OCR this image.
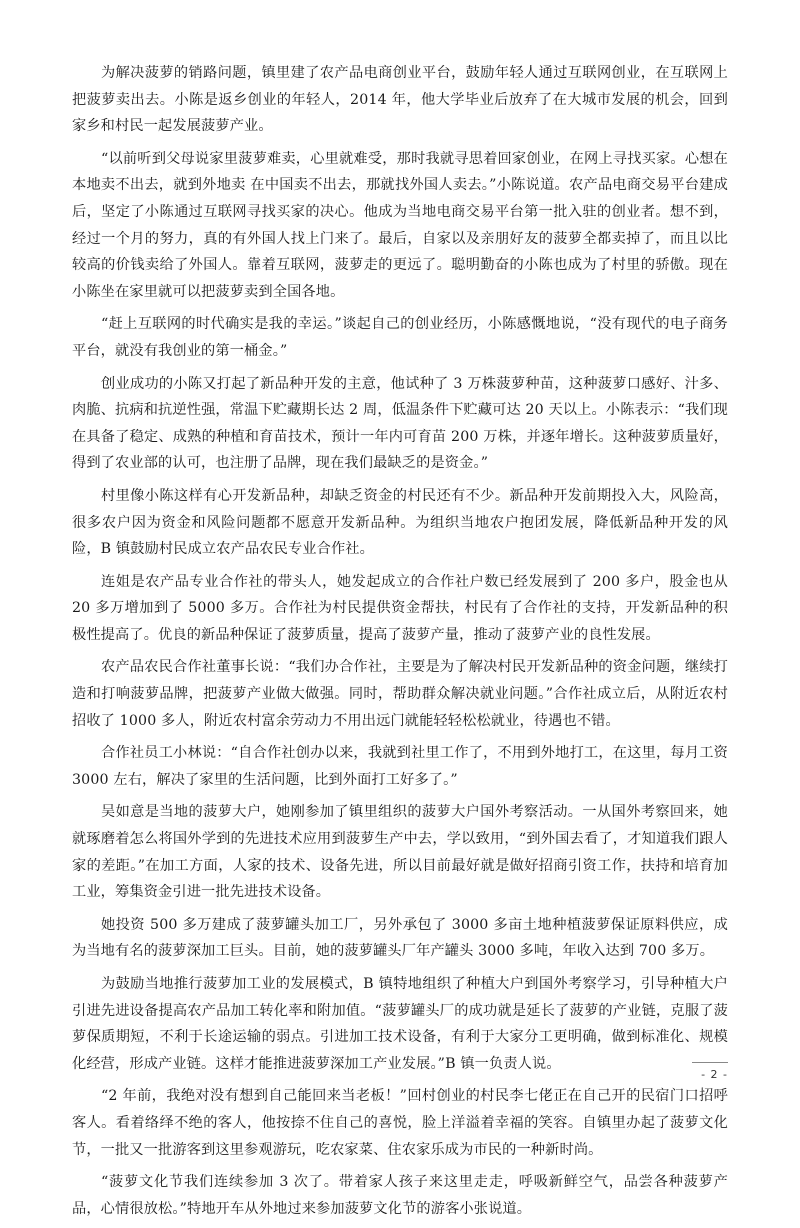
为解决菠萝的销路问题，镇里建了农产品电商创业平台，鼓励年轻人通过互联网创业，在互联网上把菠萝卖出去。小陈是返乡创业的年轻人，2014 年，他大学毕业后放弃了在大城市发展的机会，回到家乡和村民一起发展菠萝产业。

“以前听到父母说家里菠萝难卖，心里就难受，那时我就寻思着回家创业，在网上寻找买家。心想在本地卖不出去，就到外地卖 在中国卖不出去，那就找外国人卖去。”小陈说道。农产品电商交易平台建成后，坚定了小陈通过互联网寻找买家的决心。他成为当地电商交易平台第一批入驻的创业者。想不到，经过一个月的努力，真的有外国人找上门来了。最后，自家以及亲朋好友的菠萝全都卖掉了，而且以比较高的价钱卖给了外国人。靠着互联网，菠萝走的更远了。聪明勤奋的小陈也成为了村里的骄傲。现在小陈坐在家里就可以把菠萝卖到全国各地。

“赶上互联网的时代确实是我的幸运。”谈起自己的创业经历，小陈感慨地说，“没有现代的电子商务平台，就没有我创业的第一桶金。”

创业成功的小陈又打起了新品种开发的主意，他试种了 3 万株菠萝种苗，这种菠萝口感好、汁多、肉脆、抗病和抗逆性强，常温下贮藏期长达 2 周，低温条件下贮藏可达 20 天以上。小陈表示：“我们现在具备了稳定、成熟的种植和育苗技术，预计一年内可育苗 200 万株，并逐年增长。这种菠萝质量好，得到了农业部的认可，也注册了品牌，现在我们最缺乏的是资金。”

村里像小陈这样有心开发新品种，却缺乏资金的村民还有不少。新品种开发前期投入大，风险高，很多农户因为资金和风险问题都不愿意开发新品种。为组织当地农户抱团发展，降低新品种开发的风险，B 镇鼓励村民成立农产品农民专业合作社。

连姐是农产品专业合作社的带头人，她发起成立的合作社户数已经发展到了 200 多户，股金也从 20 多万增加到了 5000 多万。合作社为村民提供资金帮扶，村民有了合作社的支持，开发新品种的积极性提高了。优良的新品种保证了菠萝质量，提高了菠萝产量，推动了菠萝产业的良性发展。

农产品农民合作社董事长说：“我们办合作社，主要是为了解决村民开发新品种的资金问题，继续打造和打响菠萝品牌，把菠萝产业做大做强。同时，帮助群众解决就业问题。”合作社成立后，从附近农村招收了 1000 多人，附近农村富余劳动力不用出远门就能轻轻松松就业，待遇也不错。

合作社员工小林说：“自合作社创办以来，我就到社里工作了，不用到外地打工，在这里，每月工资 3000 左右，解决了家里的生活问题，比到外面打工好多了。”

吴如意是当地的菠萝大户，她刚参加了镇里组织的菠萝大户国外考察活动。一从国外考察回来，她就琢磨着怎么将国外学到的先进技术应用到菠萝生产中去，学以致用，“到外国去看了，才知道我们跟人家的差距。”在加工方面，人家的技术、设备先进，所以目前最好就是做好招商引资工作，扶持和培育加工业，筹集资金引进一批先进技术设备。

她投资 500 多万建成了菠萝罐头加工厂，另外承包了 3000 多亩土地种植菠萝保证原料供应，成为当地有名的菠萝深加工巨头。目前，她的菠萝罐头厂年产罐头 3000 多吨，年收入达到 700 多万。

为鼓励当地推行菠萝加工业的发展模式，B 镇特地组织了种植大户到国外考察学习，引导种植大户引进先进设备提高农产品加工转化率和附加值。“菠萝罐头厂的成功就是延长了菠萝的产业链，克服了菠萝保质期短，不利于长途运输的弱点。引进加工技术设备，有利于大家分工更明确，做到标准化、规模化经营，形成产业链。这样才能推进菠萝深加工产业发展。”B 镇一负责人说。

“2 年前，我绝对没有想到自己能回来当老板！”回村创业的村民李七佬正在自己开的民宿门口招呼客人。看着络绎不绝的客人，他按捺不住自己的喜悦，脸上洋溢着幸福的笑容。自镇里办起了菠萝文化节，一批又一批游客到这里参观游玩，吃农家菜、住农家乐成为市民的一种新时尚。

“菠萝文化节我们连续参加 3 次了。带着家人孩子来这里走走，呼吸新鲜空气，品尝各种菠萝产品，心情很放松。”特地开车从外地过来参加菠萝文化节的游客小张说道。

- 2 -
